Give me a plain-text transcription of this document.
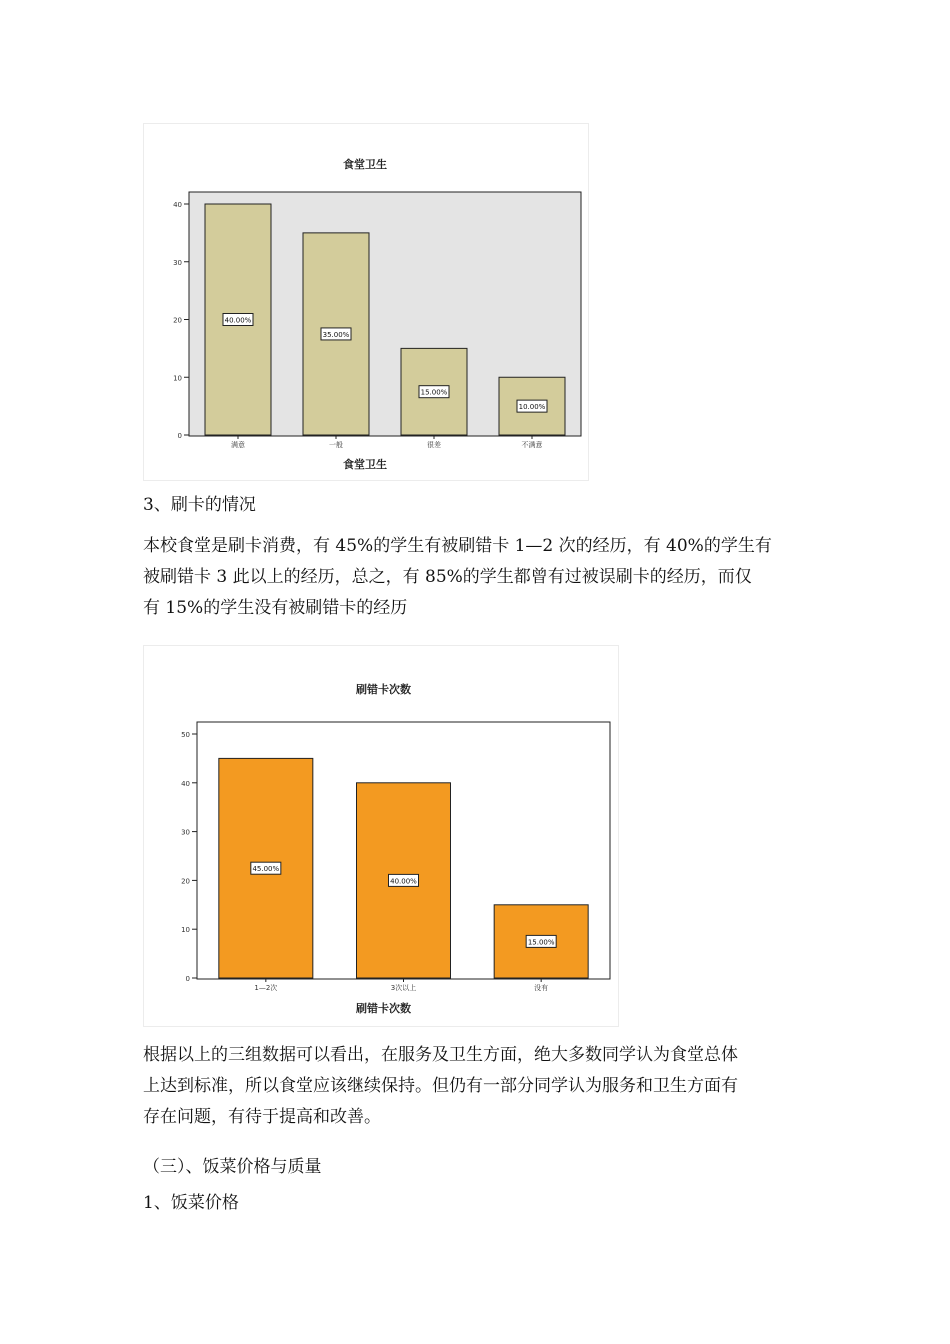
食堂卫生
0
10
20
30
40
40.00%
满意
35.00%
一般
15.00%
很差
10.00%
不满意
食堂卫生

3、刷卡的情况

本校食堂是刷卡消费，有 45%的学生有被刷错卡 1—2 次的经历，有 40%的学生有
被刷错卡 3 此以上的经历，总之，有 85%的学生都曾有过被误刷卡的经历，而仅
有 15%的学生没有被刷错卡的经历

刷错卡次数
0
10
20
30
40
50
45.00%
1—2次
40.00%
3次以上
15.00%
没有
刷错卡次数

根据以上的三组数据可以看出，在服务及卫生方面，绝大多数同学认为食堂总体
上达到标准，所以食堂应该继续保持。但仍有一部分同学认为服务和卫生方面有
存在问题，有待于提高和改善。

（三）、饭菜价格与质量

1、饭菜价格
